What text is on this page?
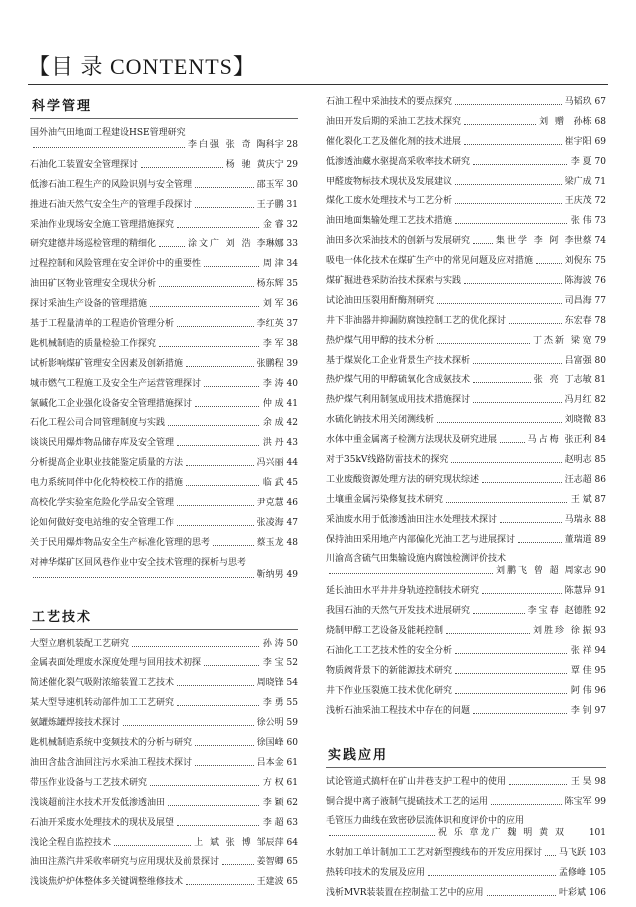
【目 录 CONTENTS】
科学管理
国外油气田地面工程建设HSE管理研究
李白强 张 奇 陶科宇 28
石油化工装置安全管理探讨	杨 驰 黄庆宁 29
低渗石油工程生产的风险识别与安全管理	邵玉军 30
推进石油天然气安全生产的管理手段探讨	王子鹏 31
采油作业现场安全施工管理措施探究	金 睿 32
研究建德井场巡检管理的精细化	涂文广 刘 浩 李琳娜 33
过程控制和风险管理在安全评价中的重要性	周 津 34
油田矿区物业管理安全现状分析	杨东辉 35
探讨采油生产设备的管理措施	刘 军 36
基于工程量清单的工程造价管理分析	李红英 37
匙机械制造的质量检验工作探究	李 军 38
试析影响煤矿管理安全因素及创新措施	张鹏程 39
城市燃气工程施工及安全生产运营管理探讨	李 涛 40
氯碱化工企业强化设备安全管理措施探讨	仲 成 41
石化工程公司合同管理制度与实践	余 成 42
谈谈民用爆炸物品储存库及安全管理	洪 丹 43
分析提高企业职业技能鉴定质量的方法	冯兴丽 44
电力系统同伴中化化特校校工作的措施	临 武 45
高校化学实验室危险化学品安全管理	尹克慧 46
论如何做好变电站维的安全管理工作	张凌海 47
关于民用爆炸物品安全生产标准化管理的思考	蔡玉龙 48
对神华煤矿区回风巷作业中安全技术管理的探析与思考
靳纳男 49
工艺技术
大型立磨机装配工艺研究	孙 涛 50
金属表面处理废水深度处理与回用技术初探	李 宝 52
简述催化裂气吸附浓缩装置工艺技术	周晓锋 54
某大型导速机转动部件加工工艺研究	李 勇 55
氨罐炼罐焊接技术探讨	徐公明 59
匙机械制造系统中变频技术的分析与研究	徐国峰 60
油田含盐含油回注污水采油工程技术探讨	吕本金 61
带压作业设备与工艺技术研究	方 权 61
浅谈超前注水技术开发低渗透油田	李 颖 62
石油开采废水处理技术的现状及展望	李 超 63
浅论全程自监控技术	上 斌 张 博 邹辰萍 64
油田注蒸汽井采收率研究与应用现状及前景探讨	姜智卿 65
浅谈焦炉炉体整体多关键调整维修技术	王建波 65
石油工程中采油技术的要点探究	马韬玖 67
油田开发后期的采油工艺技术探究	刘 赠 孙栋 68
催化裂化工艺及催化剂的技术进展	崔宇阳 69
低渗透油藏水驱提高采收率技术研究	李 夏 70
甲醛废物标技术现状及发展建议	梁广成 71
煤化工废水处理技术与工艺分析	王庆茂 72
油田地面集输处理工艺技术措施	张 伟 73
油田多次采油技术的创新与发展研究	集世学 李 阿 李世蔡 74
吸电一体化技术在煤矿生产中的常见问题及应对措施	刘倪东 75
煤矿掘进巷采防治技术探索与实践	陈海波 76
试论油田压裂用酐酶剂研究	司昌海 77
井下非油器井抑漏防腐蚀控制工艺的优化探讨	东宏春 78
热炉煤气用甲醇的技术分析	丁杰新 梁 宽 79
基于煤炭化工企业背景生产技术探析	吕富强 80
热炉煤气用的甲醇硫氧化含成氨技术	张 亮 丁志敏 81
热炉煤气利用制氢成用技术措施探讨	冯月红 82
水硫化钠技术用关闭测线析	刘晓微 83
水体中重金属离子检测方法现状及研究进展	马占梅 张正利 84
对于35kV线路防雷技术的探究	赵明志 85
工业废酸资源处理方法的研究现状综述	汪志超 86
土壤重金属污染修复技术研究	王 斌 87
采油废水用于低渗透油田注水处理技术探讨	马瑞永 88
保持油田采用地产内部偏化光油工艺与进展探讨	董瑞道 89
川渝高含硫气田集输设施内腐蚀检测评价技术
刘鹏飞 曾 超 周家志 90
延长油田水平井井身轨迹控制技术研究	陈慧异 91
我国石油的天然气开发技术进展研究	李宝春 赵德胜 92
烧制甲醇工艺设备及能耗控制	刘胜珍 徐 振 93
石油化工工艺技术性的安全分析	张 祥 94
物质阀背景下的新能源技术研究	覃 佳 95
井下作业压裂施工技术优化研究	阿 伟 96
浅析石油采油工程技术中存在的问题	李 钊 97
实践应用
试论管道式搞杆在矿山井巷支护工程中的使用	王 昊 98
铜合提中离子液制气提硫技术工艺的运用	陈宝军 99
毛管压力曲线在致密砂层流体识和度评价中的应用
祝 乐 章龙广 魏 明 黄 双	101
水射加工单计制加工工艺对新型搜线布的开发应用探讨 马飞跃 103
热转印技术的发展及应用	孟修峰 105
浅析MVR装装置在控制盐工艺中的应用	叶彩斌 106
